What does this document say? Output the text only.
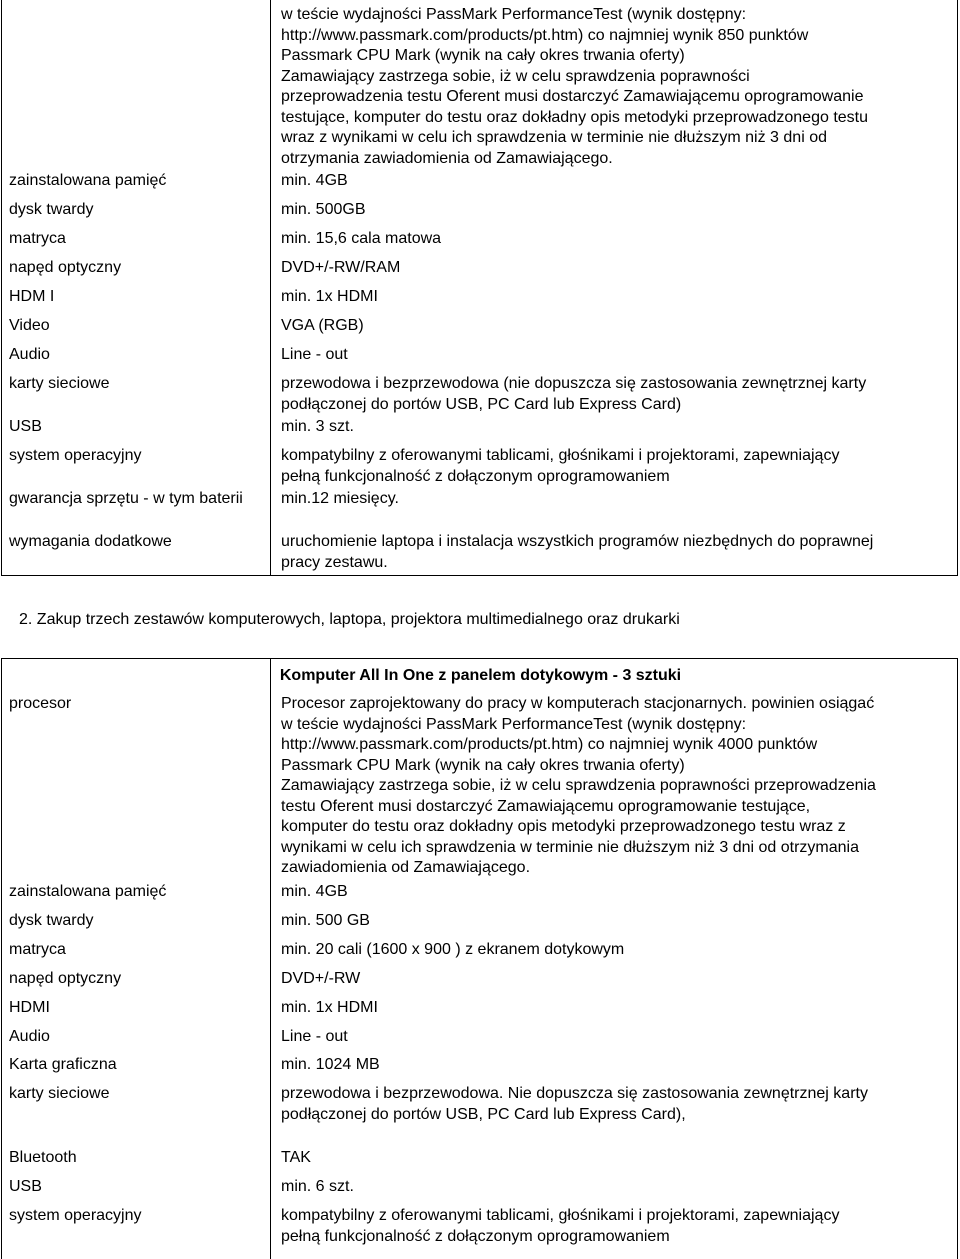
w teście wydajności PassMark PerformanceTest (wynik dostępny:
http://www.passmark.com/products/pt.htm) co najmniej wynik 850 punktów
Passmark CPU Mark (wynik na cały okres trwania oferty)
Zamawiający zastrzega sobie, iż w celu sprawdzenia poprawności
przeprowadzenia testu Oferent musi dostarczyć Zamawiającemu oprogramowanie
testujące, komputer do testu oraz dokładny opis metodyki przeprowadzonego testu
wraz z wynikami w celu ich sprawdzenia w terminie nie dłuższym niż 3 dni od
otrzymania zawiadomienia od Zamawiającego.
zainstalowana pamięć	min. 4GB
dysk twardy	min. 500GB
matryca	min. 15,6 cala matowa
napęd optyczny	DVD+/-RW/RAM
HDM I	min. 1x HDMI
Video	VGA (RGB)
Audio	Line - out
karty sieciowe	przewodowa i bezprzewodowa (nie dopuszcza się zastosowania zewnętrznej karty
podłączonej do portów USB, PC Card lub Express Card)
USB	min. 3 szt.
system operacyjny	kompatybilny z oferowanymi tablicami, głośnikami i projektorami, zapewniający
pełną funkcjonalność z dołączonym oprogramowaniem
gwarancja sprzętu - w tym baterii	min.12 miesięcy.
wymagania dodatkowe	uruchomienie laptopa i instalacja wszystkich programów niezbędnych do poprawnej
pracy zestawu.
2. Zakup trzech zestawów komputerowych, laptopa, projektora multimedialnego oraz drukarki
Komputer All In One z panelem dotykowym - 3 sztuki
procesor	Procesor zaprojektowany do pracy w komputerach stacjonarnych. powinien osiągać
w teście wydajności PassMark PerformanceTest (wynik dostępny:
http://www.passmark.com/products/pt.htm) co najmniej wynik 4000 punktów
Passmark CPU Mark (wynik na cały okres trwania oferty)
Zamawiający zastrzega sobie, iż w celu sprawdzenia poprawności przeprowadzenia
testu Oferent musi dostarczyć Zamawiającemu oprogramowanie testujące,
komputer do testu oraz dokładny opis metodyki przeprowadzonego testu wraz z
wynikami w celu ich sprawdzenia w terminie nie dłuższym niż 3 dni od otrzymania
zawiadomienia od Zamawiającego.
zainstalowana pamięć	min. 4GB
dysk twardy	min. 500 GB
matryca	min. 20 cali (1600 x 900 ) z ekranem dotykowym
napęd optyczny	DVD+/-RW
HDMI	min. 1x HDMI
Audio	Line - out
Karta graficzna	min. 1024 MB
karty sieciowe	przewodowa i bezprzewodowa. Nie dopuszcza się zastosowania zewnętrznej karty
podłączonej do portów USB, PC Card lub Express Card),
Bluetooth	TAK
USB	min. 6 szt.
system operacyjny	kompatybilny z oferowanymi tablicami, głośnikami i projektorami, zapewniający
pełną funkcjonalność z dołączonym oprogramowaniem
